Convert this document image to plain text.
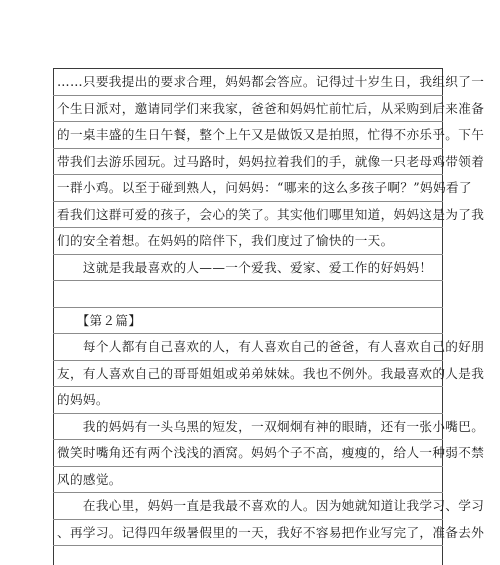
……只要我提出的要求合理，妈妈都会答应。记得过十岁生日，我组织了一
个生日派对，邀请同学们来我家，爸爸和妈妈忙前忙后，从采购到后来准备
的一桌丰盛的生日午餐，整个上午又是做饭又是拍照，忙得不亦乐乎。下午
带我们去游乐园玩。过马路时，妈妈拉着我们的手，就像一只老母鸡带领着
一群小鸡。以至于碰到熟人，问妈妈：“哪来的这么多孩子啊？”妈妈看了
看我们这群可爱的孩子，会心的笑了。其实他们哪里知道，妈妈这是为了我
们的安全着想。在妈妈的陪伴下，我们度过了愉快的一天。
　　这就是我最喜欢的人——一个爱我、爱家、爱工作的好妈妈！
　　【第２篇】
　　每个人都有自己喜欢的人，有人喜欢自己的爸爸，有人喜欢自己的好朋
友，有人喜欢自己的哥哥姐姐或弟弟妹妹。我也不例外。我最喜欢的人是我
的妈妈。
　　我的妈妈有一头乌黑的短发，一双炯炯有神的眼睛，还有一张小嘴巴。
微笑时嘴角还有两个浅浅的酒窝。妈妈个子不高，瘦瘦的，给人一种弱不禁
风的感觉。
　　在我心里，妈妈一直是我最不喜欢的人。因为她就知道让我学习、学习
、再学习。记得四年级暑假里的一天，我好不容易把作业写完了，准备去外
